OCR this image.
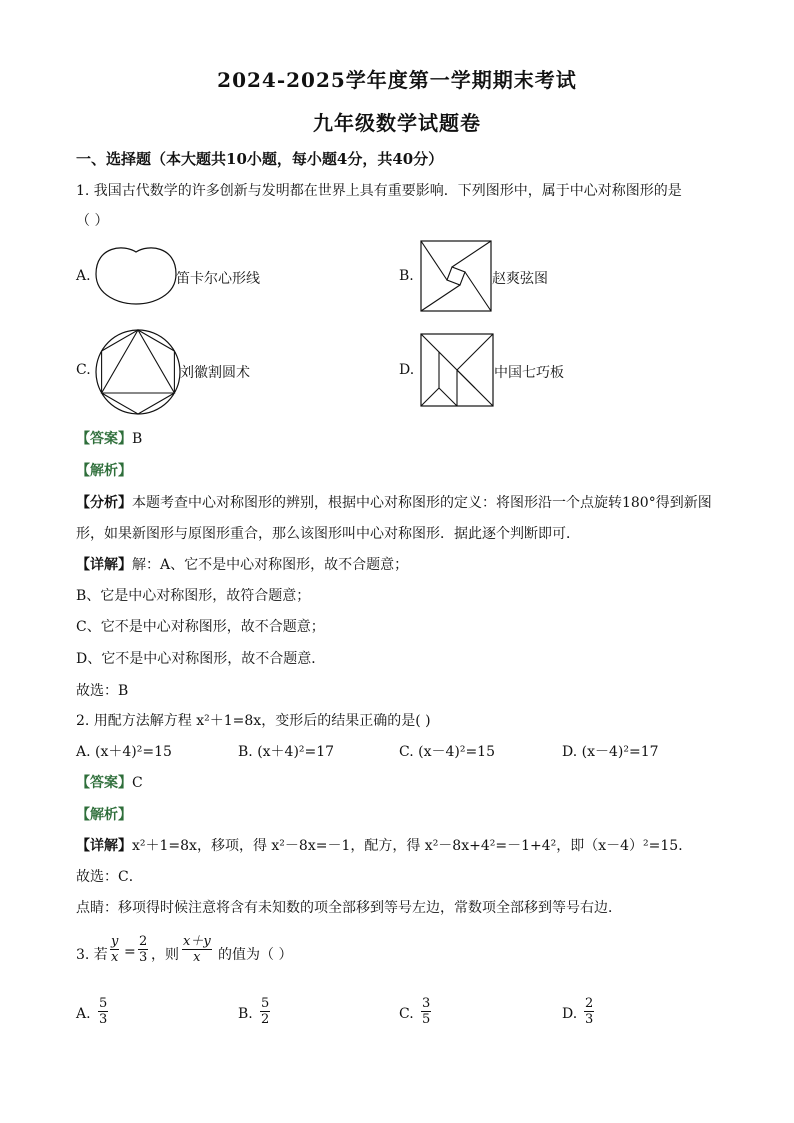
2024-2025学年度第一学期期末考试
九年级数学试题卷
一、选择题（本大题共10小题，每小题4分，共40分）
1. 我国古代数学的许多创新与发明都在世界上具有重要影响．下列图形中，属于中心对称图形的是
（ ）
A.	笛卡尔心形线	B.	赵爽弦图
C.	刘徽割圆术	D.	中国七巧板
【答案】B
【解析】
【分析】本题考查中心对称图形的辨别，根据中心对称图形的定义：将图形沿一个点旋转180°得到新图
形，如果新图形与原图形重合，那么该图形叫中心对称图形．据此逐个判断即可．
【详解】解：A、它不是中心对称图形，故不合题意；
B、它是中心对称图形，故符合题意；
C、它不是中心对称图形，故不合题意；
D、它不是中心对称图形，故不合题意．
故选：B
2. 用配方法解方程 x²＋1=8x，变形后的结果正确的是( )
A. (x＋4)²=15	B. (x＋4)²=17	C. (x－4)²=15	D. (x－4)²=17
【答案】C
【解析】
【详解】x²＋1=8x，移项，得 x²－8x=－1，配方，得 x²－8x+4²=－1+4²，即（x－4）²=15．
故选：C．
点睛：移项得时候注意将含有未知数的项全部移到等号左边，常数项全部移到等号右边．
3. 若 $\frac{y}{x} = \frac{2}{3}$ ，则 $\frac{x+y}{x}$ 的值为（ ）
A. $\frac{5}{3}$	B. $\frac{5}{2}$	C. $\frac{3}{5}$	D. $\frac{2}{3}$
